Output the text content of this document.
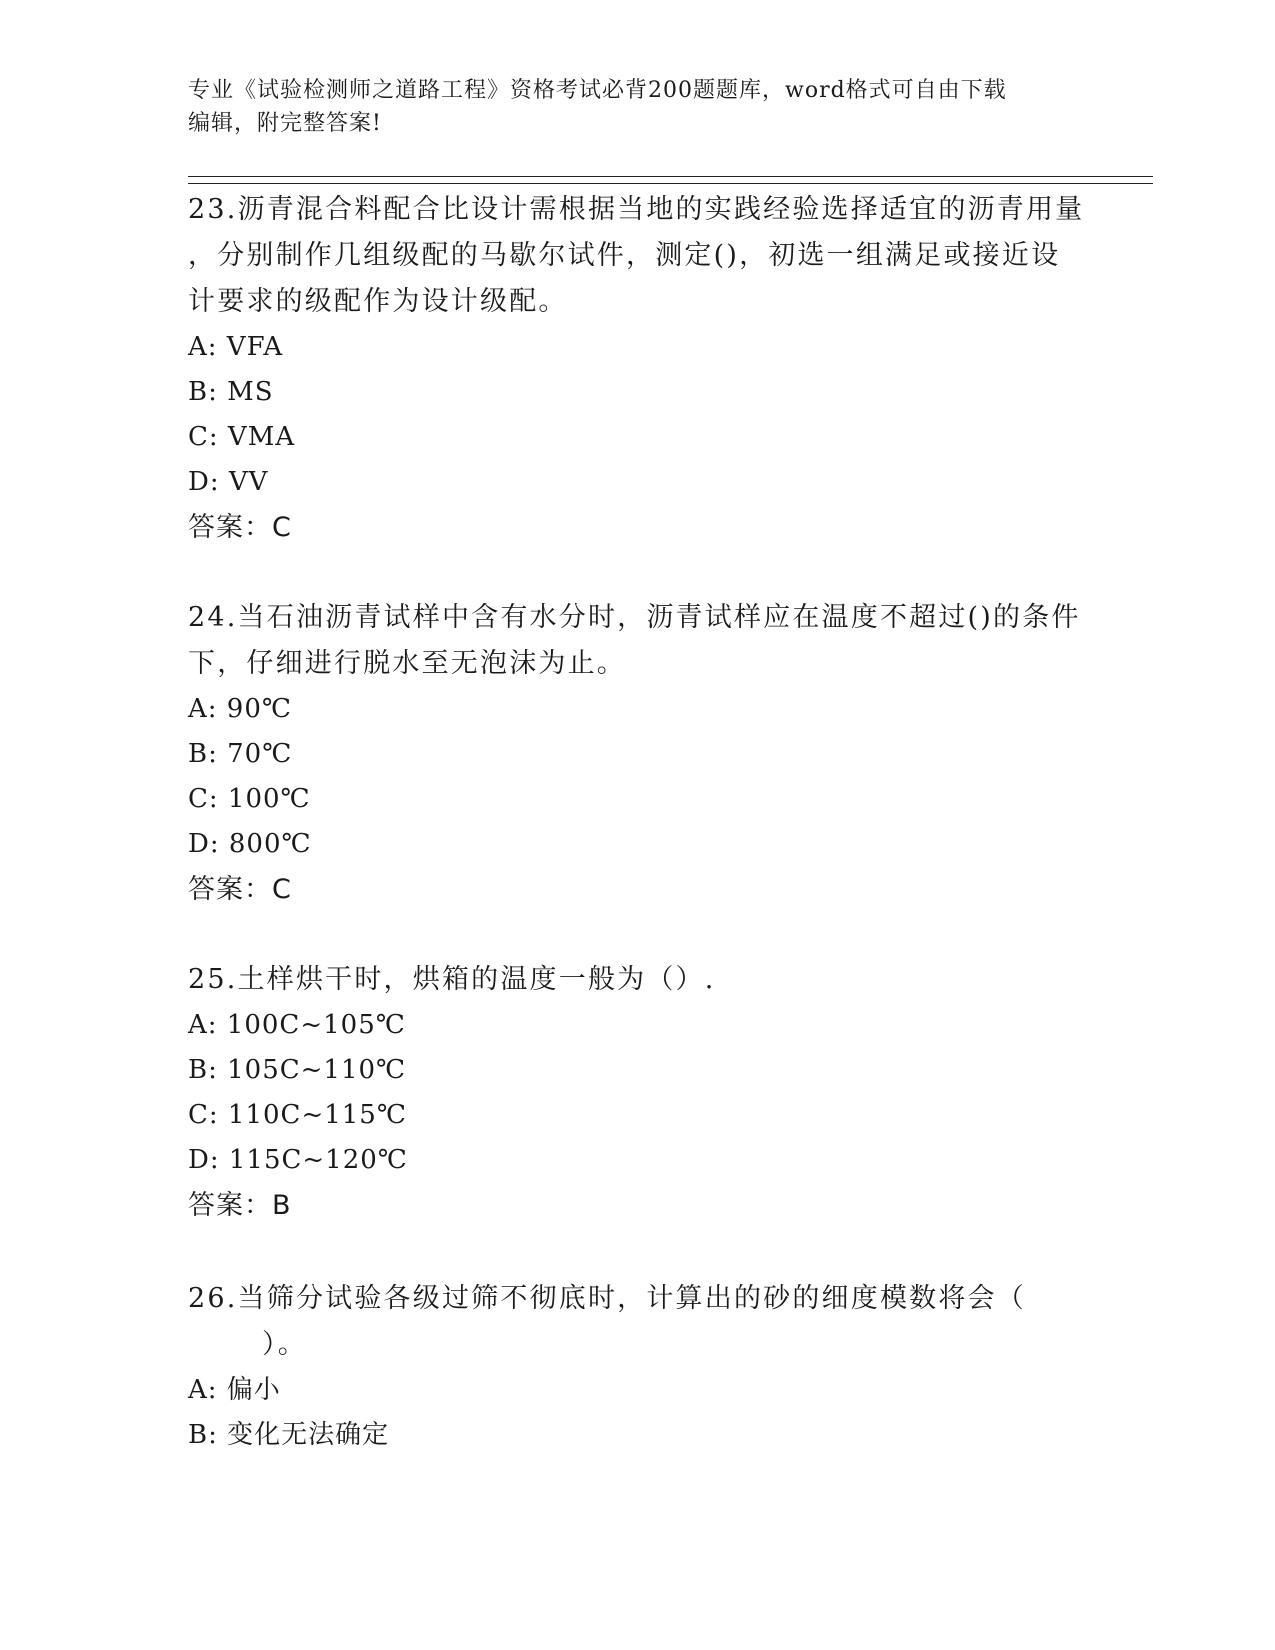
专业《试验检测师之道路工程》资格考试必背200题题库，word格式可自由下载
编辑，附完整答案!

23.沥青混合料配合比设计需根据当地的实践经验选择适宜的沥青用量
，分别制作几组级配的马歇尔试件，测定()，初选一组满足或接近设
计要求的级配作为设计级配。

A: VFA
B: MS
C: VMA
D: VV
答案：C

24.当石油沥青试样中含有水分时，沥青试样应在温度不超过()的条件
下，仔细进行脱水至无泡沫为止。

A: 90℃
B: 70℃
C: 100℃
D: 800℃
答案：C

25.土样烘干时，烘箱的温度一般为（）.

A: 100C~105℃
B: 105C~110℃
C: 110C~115℃
D: 115C~120℃
答案：B

26.当筛分试验各级过筛不彻底时，计算出的砂的细度模数将会（
）。

A: 偏小
B: 变化无法确定
